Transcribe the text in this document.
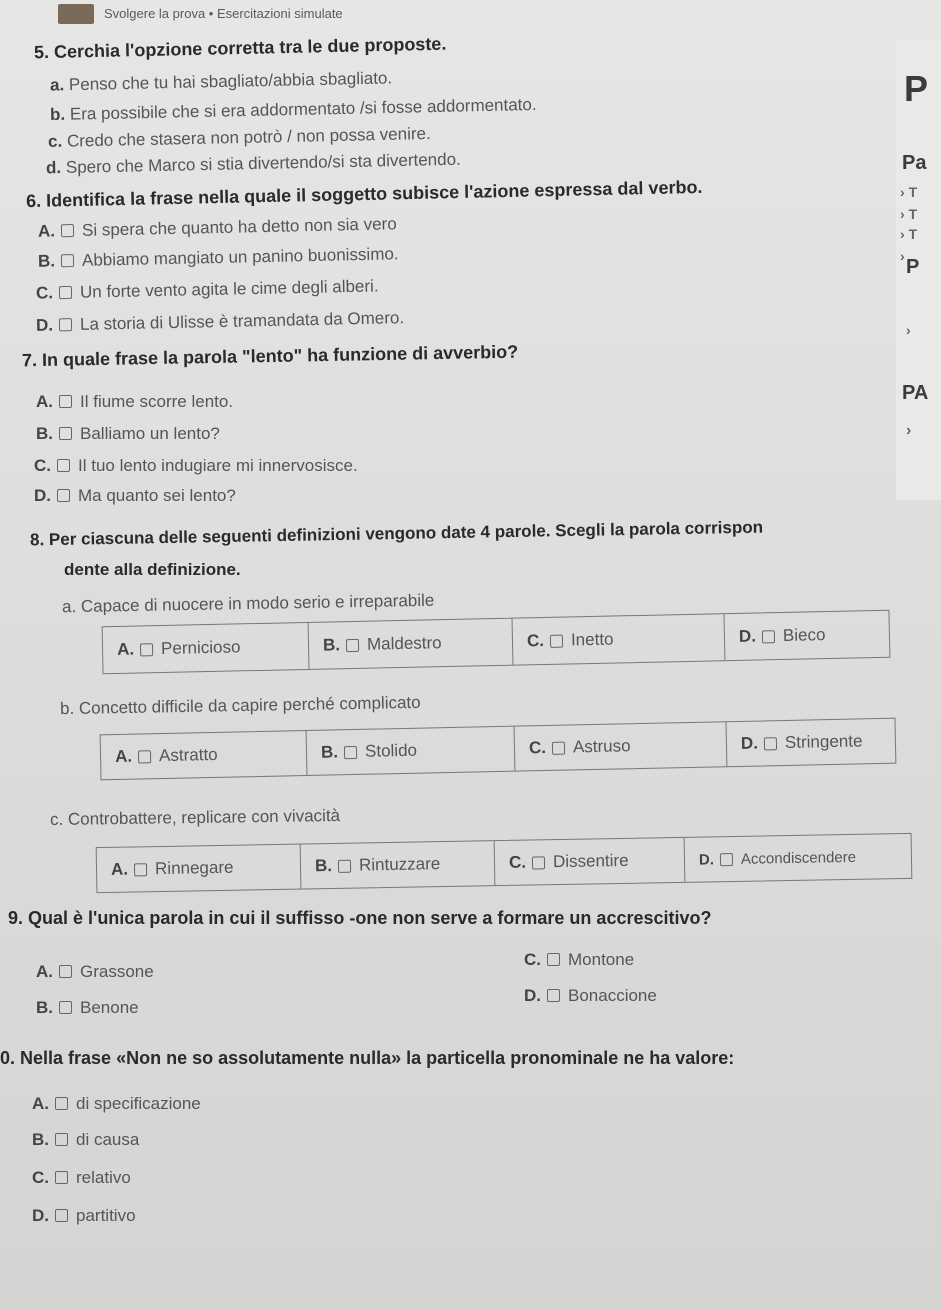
Svolgere la prova • Esercitazioni simulate
5. Cerchia l'opzione corretta tra le due proposte.
a. Penso che tu hai sbagliato/abbia sbagliato.
b. Era possibile che si era addormentato /si fosse addormentato.
c. Credo che stasera non potrò / non possa venire.
d. Spero che Marco si stia divertendo/si sta divertendo.
6. Identifica la frase nella quale il soggetto subisce l'azione espressa dal verbo.
A. Si spera che quanto ha detto non sia vero
B. Abbiamo mangiato un panino buonissimo.
C. Un forte vento agita le cime degli alberi.
D. La storia di Ulisse è tramandata da Omero.
7. In quale frase la parola "lento" ha funzione di avverbio?
A. Il fiume scorre lento.
B. Balliamo un lento?
C. Il tuo lento indugiare mi innervosisce.
D. Ma quanto sei lento?
8. Per ciascuna delle seguenti definizioni vengono date 4 parole. Scegli la parola corrispon
dente alla definizione.
a. Capace di nuocere in modo serio e irreparabile
A. Pernicioso	B. Maldestro	C. Inetto	D. Bieco
b. Concetto difficile da capire perché complicato
A. Astratto	B. Stolido	C. Astruso	D. Stringente
c. Controbattere, replicare con vivacità
A. Rinnegare	B. Rintuzzare	C. Dissentire	D. Accondiscendere
9. Qual è l'unica parola in cui il suffisso -one non serve a formare un accrescitivo?
A. Grassone
B. Benone
C. Montone
D. Bonaccione
0. Nella frase «Non ne so assolutamente nulla» la particella pronominale ne ha valore:
A. di specificazione
B. di causa
C. relativo
D. partitivo
P
Pa
› T
› T
› T
› P
›
PA
›
